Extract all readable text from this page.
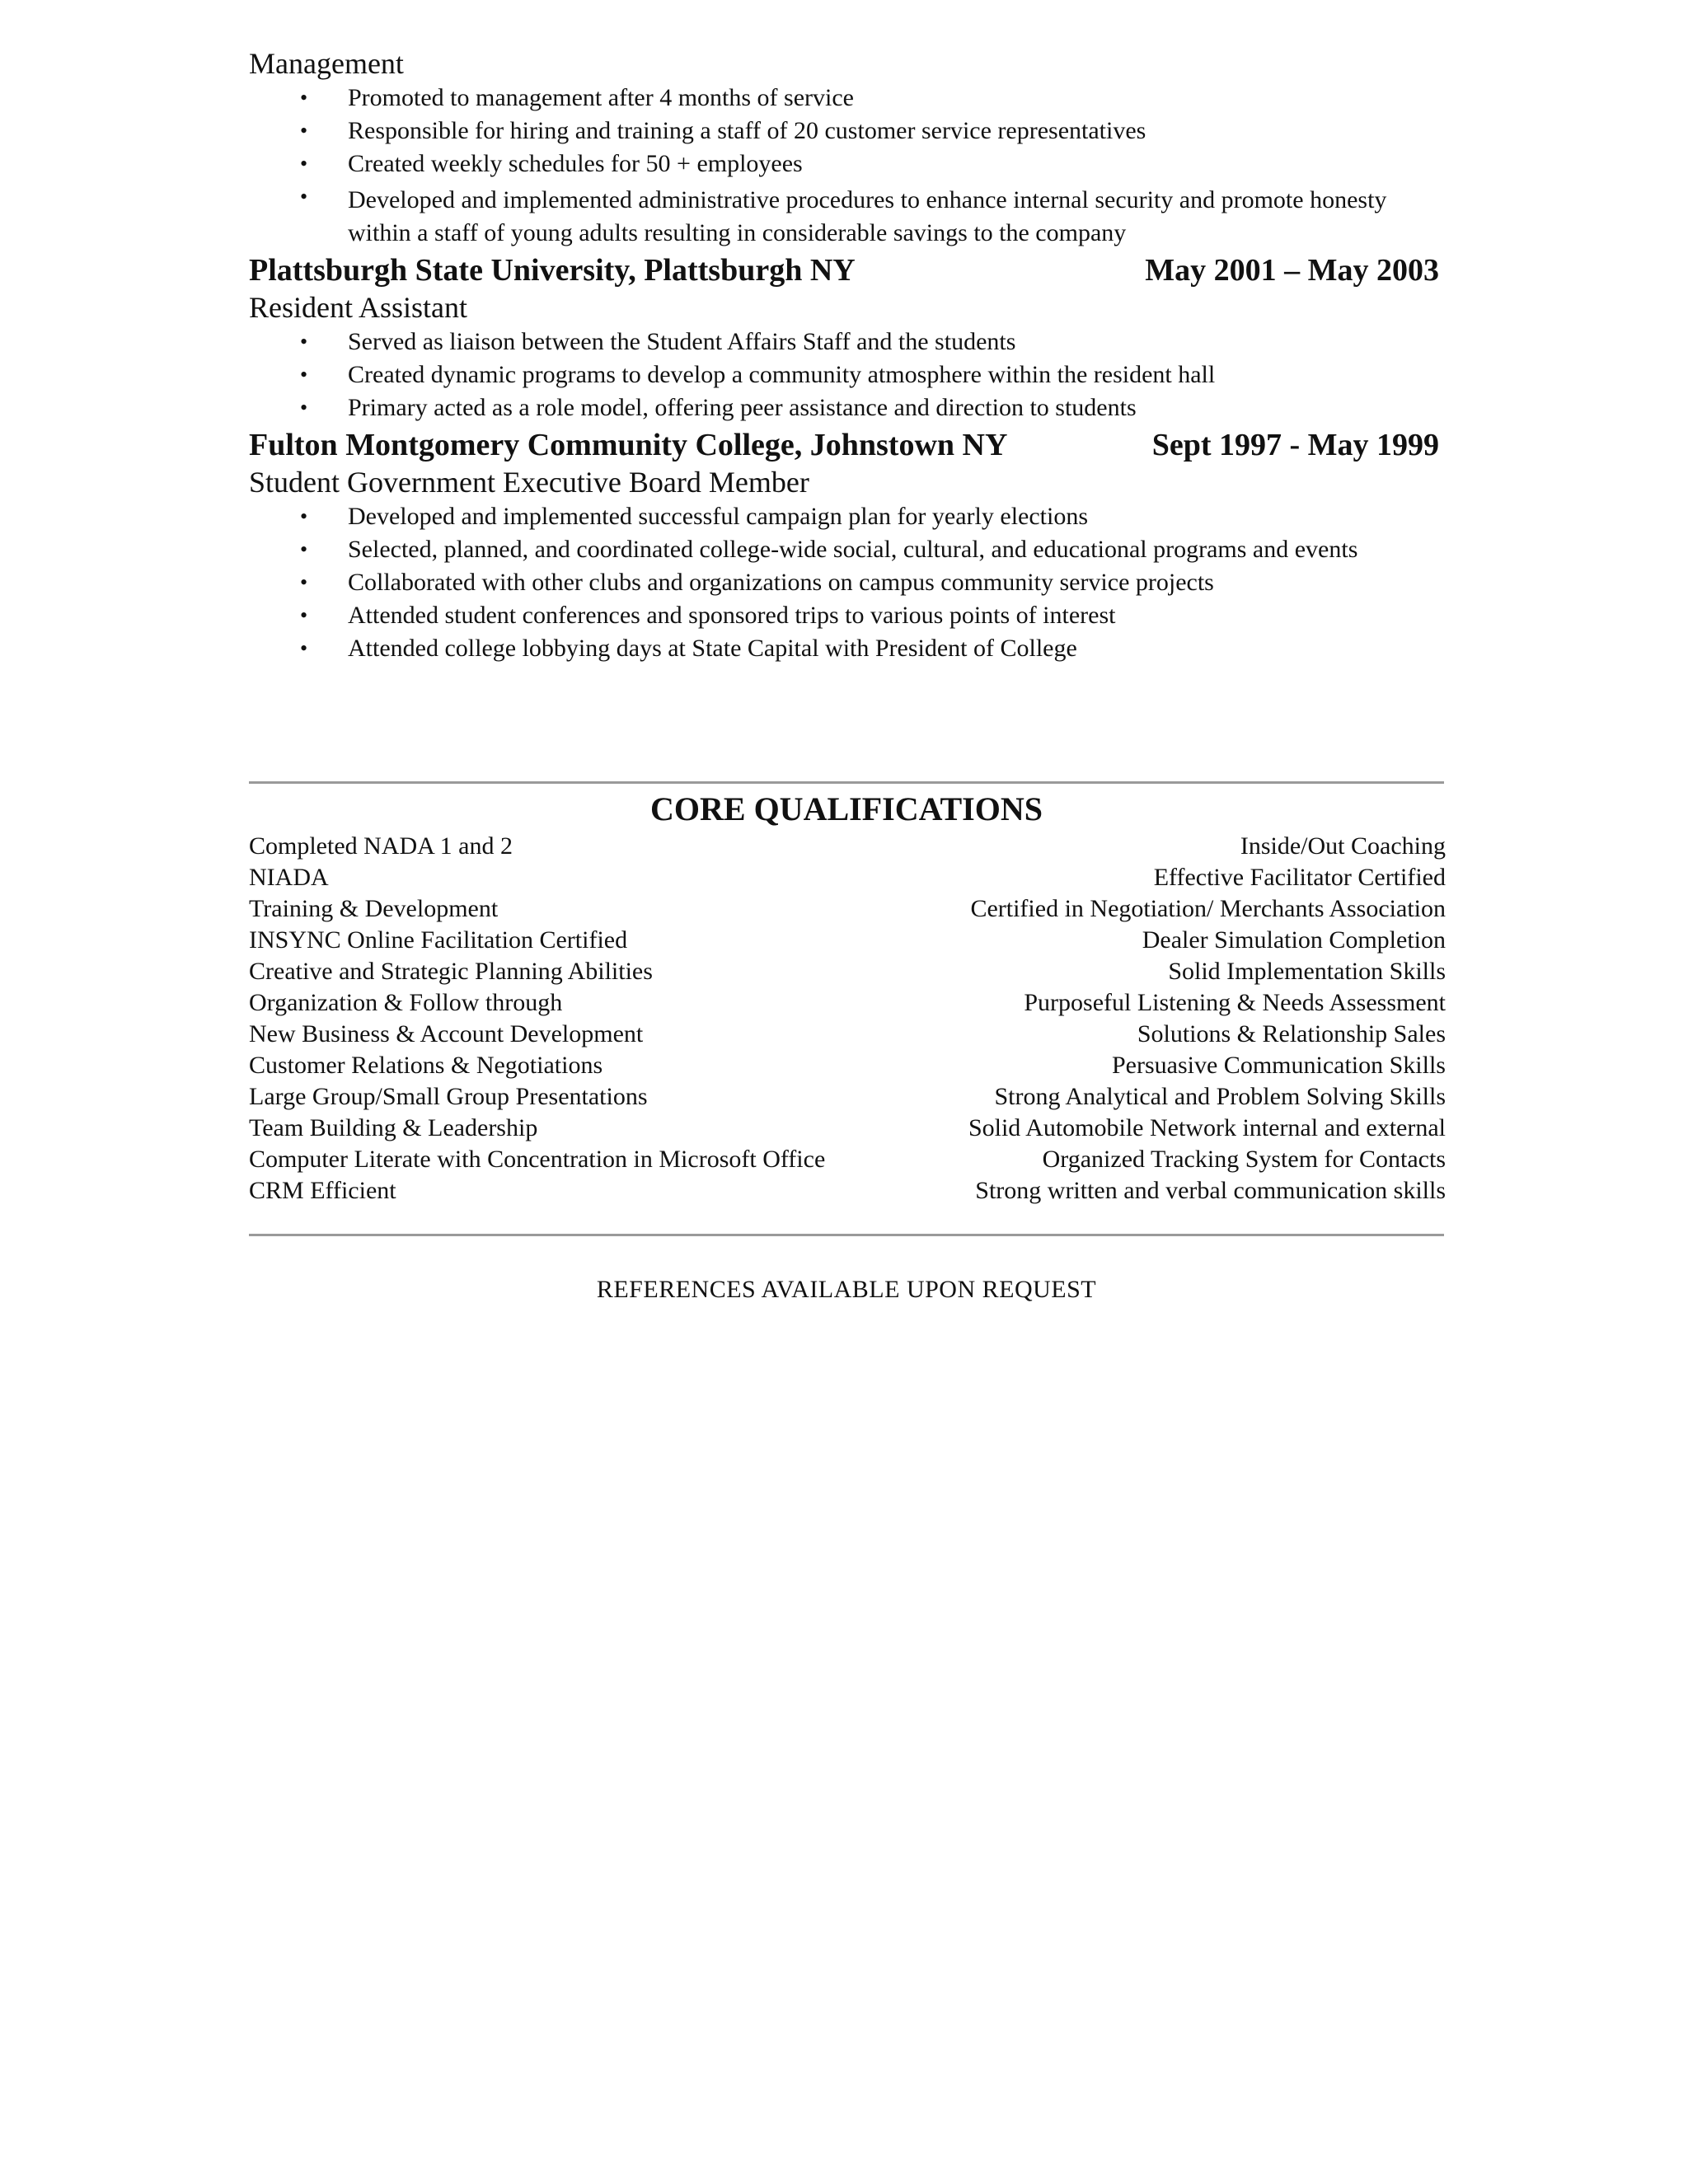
Management
• Promoted to management after 4 months of service
• Responsible for hiring and training a staff of 20 customer service representatives
• Created weekly schedules for 50 + employees
• Developed and implemented administrative procedures to enhance internal security and promote honesty within a staff of young adults resulting in considerable savings to the company
Plattsburgh State University, Plattsburgh NY	May 2001 – May 2003
Resident Assistant
• Served as liaison between the Student Affairs Staff and the students
• Created dynamic programs to develop a community atmosphere within the resident hall
• Primary acted as a role model, offering peer assistance and direction to students
Fulton Montgomery Community College, Johnstown NY	Sept 1997 - May 1999
Student Government Executive Board Member
• Developed and implemented successful campaign plan for yearly elections
• Selected, planned, and coordinated college-wide social, cultural, and educational programs and events
• Collaborated with other clubs and organizations on campus community service projects
• Attended student conferences and sponsored trips to various points of interest
• Attended college lobbying days at State Capital with President of College
CORE QUALIFICATIONS
Completed NADA 1 and 2	Inside/Out Coaching
NIADA	Effective Facilitator Certified
Training & Development	Certified in Negotiation/ Merchants Association
INSYNC Online Facilitation Certified	Dealer Simulation Completion
Creative and Strategic Planning Abilities	Solid Implementation Skills
Organization & Follow through	Purposeful Listening & Needs Assessment
New Business & Account Development	Solutions & Relationship Sales
Customer Relations & Negotiations	Persuasive Communication Skills
Large Group/Small Group Presentations	Strong Analytical and Problem Solving Skills
Team Building & Leadership	Solid Automobile Network internal and external
Computer Literate with Concentration in Microsoft Office	Organized Tracking System for Contacts
CRM Efficient	Strong written and verbal communication skills
REFERENCES AVAILABLE UPON REQUEST
